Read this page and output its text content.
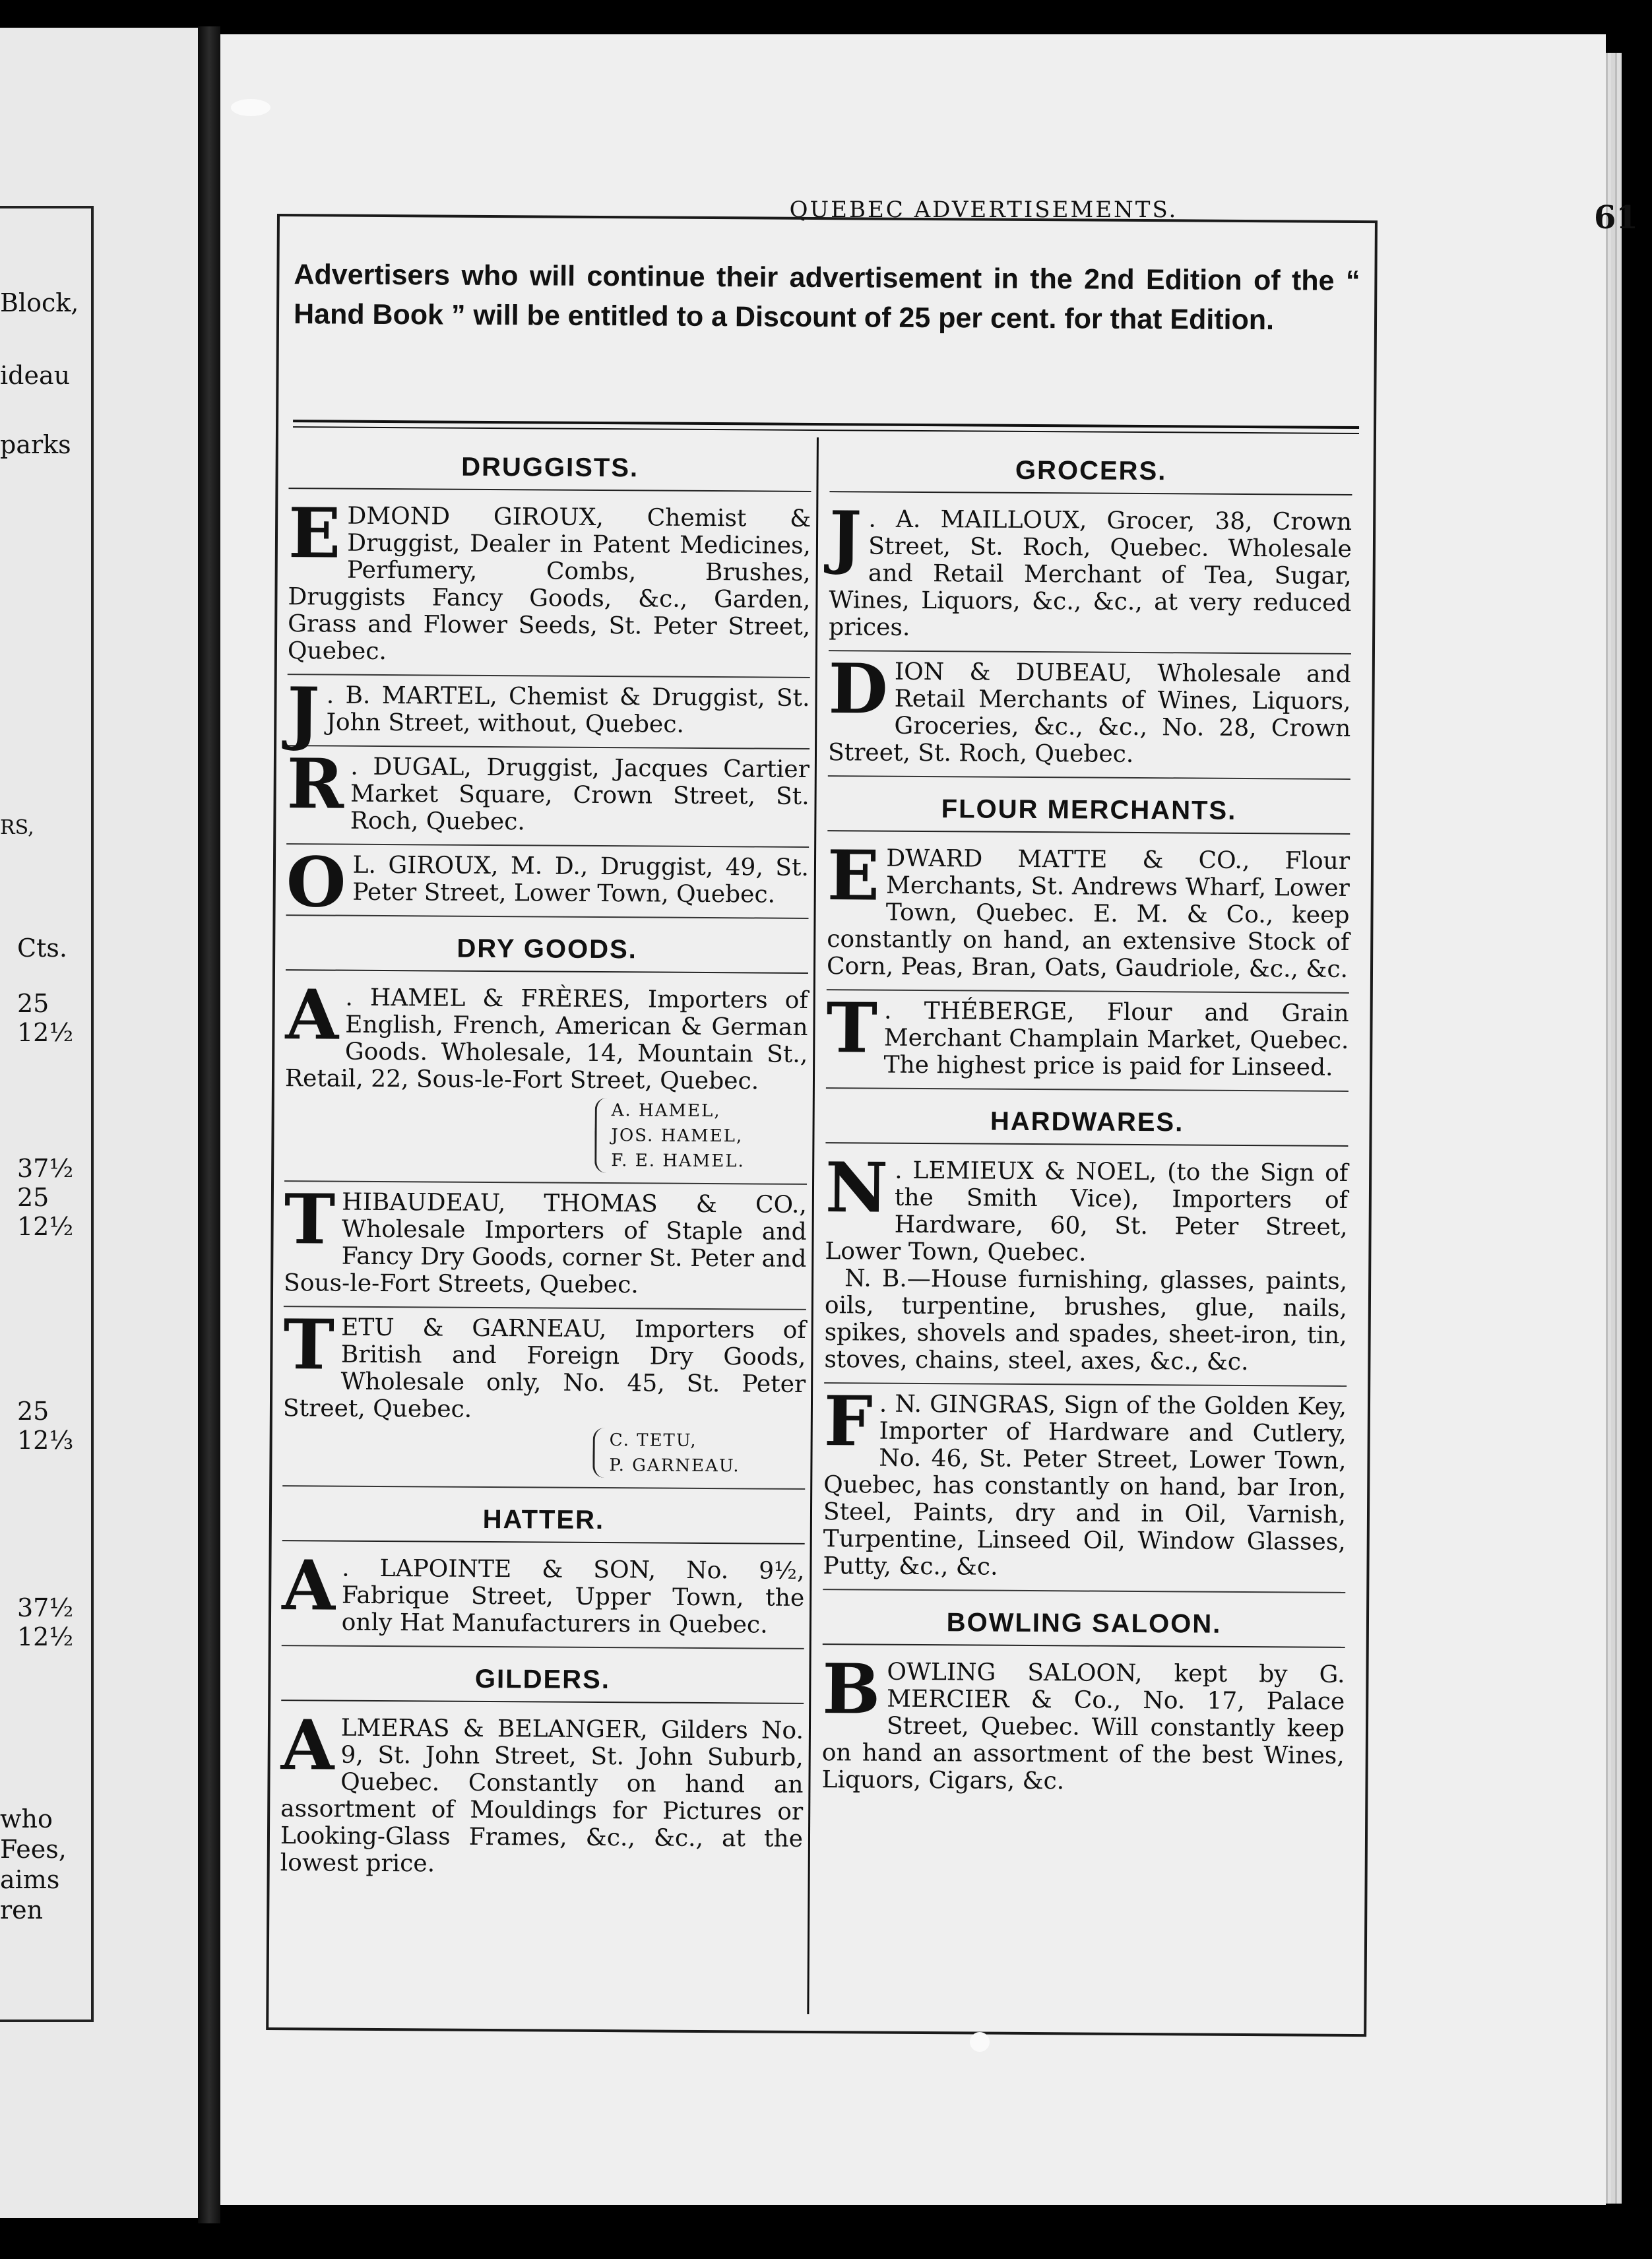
Block,
ideau
parks
RS,
Cts.
25
12½
37½
25
12½
25
12⅓
37½
12½
who
Fees,
aims
ren
QUEBEC ADVERTISEMENTS.	61
Advertisers who will continue their advertisement in the 2nd Edition of the “ Hand Book ” will be entitled to a Discount of 25 per cent. for that Edition.
DRUGGISTS.

EDMOND GIROUX, Chemist & Druggist, Dealer in Patent Medicines, Perfumery, Combs, Brushes, Druggists Fancy Goods, &c., Garden, Grass and Flower Seeds, St. Peter Street, Quebec.

J . B. MARTEL, Chemist & Druggist, St. John Street, without, Quebec.

R . DUGAL, Druggist, Jacques Cartier Market Square, Crown Street, St. Roch, Quebec.

O L. GIROUX, M. D., Druggist, 49, St. Peter Street, Lower Town, Quebec.

DRY GOODS.

A . HAMEL & FRÈRES, Importers of English, French, American & German Goods. Wholesale, 14, Mountain St., Retail, 22, Sous-le-Fort Street, Quebec.

A. HAMEL,
JOS. HAMEL,
F. E. HAMEL.

THIBAUDEAU, THOMAS & CO., Wholesale Importers of Staple and Fancy Dry Goods, corner St. Peter and Sous-le-Fort Streets, Quebec.

TETU & GARNEAU, Importers of British and Foreign Dry Goods, Wholesale only, No. 45, St. Peter Street, Quebec.

C. TETU,
P. GARNEAU.
HATTER.

A . LAPOINTE & SON, No. 9½, Fabrique Street, Upper Town, the only Hat Manufacturers in Quebec.

GILDERS.

ALMERAS & BELANGER, Gilders No. 9, St. John Street, St. John Suburb, Quebec. Constantly on hand an assortment of Mouldings for Pictures or Looking-Glass Frames, &c., &c., at the lowest price.

GROCERS.

J . A. MAILLOUX, Grocer, 38, Crown Street, St. Roch, Quebec. Wholesale and Retail Merchant of Tea, Sugar, Wines, Liquors, &c., &c., at very reduced prices.

DION & DUBEAU, Wholesale and Retail Merchants of Wines, Liquors, Groceries, &c., &c., No. 28, Crown Street, St. Roch, Quebec.

FLOUR MERCHANTS.

EDWARD MATTE & CO., Flour Merchants, St. Andrews Wharf, Lower Town, Quebec. E. M. & Co., keep constantly on hand, an extensive Stock of Corn, Peas, Bran, Oats, Gaudriole, &c., &c.

T . THÉBERGE, Flour and Grain Merchant Champlain Market, Quebec. The highest price is paid for Linseed.

HARDWARES.

N . LEMIEUX & NOEL, (to the Sign of the Smith Vice), Importers of Hardware, 60, St. Peter Street, Lower Town, Quebec.

N. B.—House furnishing, glasses, paints, oils, turpentine, brushes, glue, nails, spikes, shovels and spades, sheet-iron, tin, stoves, chains, steel, axes, &c., &c.

F . N. GINGRAS, Sign of the Golden Key, Importer of Hardware and Cutlery, No. 46, St. Peter Street, Lower Town, Quebec, has constantly on hand, bar Iron, Steel, Paints, dry and in Oil, Varnish, Turpentine, Linseed Oil, Window Glasses, Putty, &c., &c.

BOWLING SALOON.

BOWLING SALOON, kept by G. MERCIER & Co., No. 17, Palace Street, Quebec. Will constantly keep on hand an assortment of the best Wines, Liquors, Cigars, &c.
